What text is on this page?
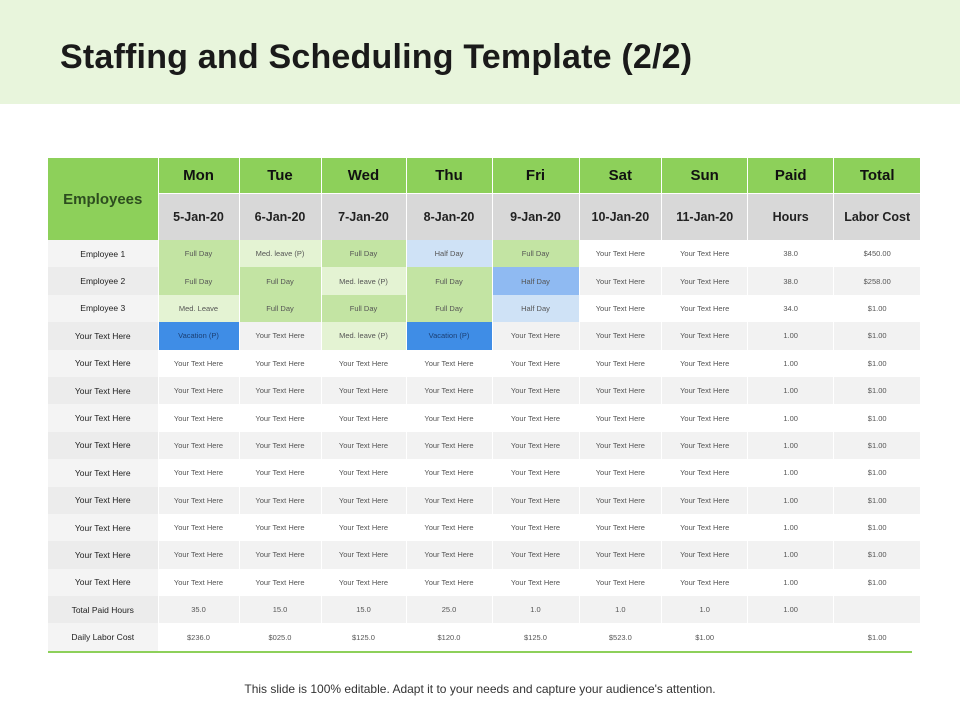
Staffing and Scheduling Template (2/2)
Employees	Mon	Tue	Wed	Thu	Fri	Sat	Sun	Paid	Total
	5-Jan-20	6-Jan-20	7-Jan-20	8-Jan-20	9-Jan-20	10-Jan-20	11-Jan-20	Hours	Labor Cost
Employee 1	Full Day	Med. leave (P)	Full Day	Half Day	Full Day	Your Text Here	Your Text Here	38.0	$450.00
Employee 2	Full Day	Full Day	Med. leave (P)	Full Day	Half Day	Your Text Here	Your Text Here	38.0	$258.00
Employee 3	Med. Leave	Full Day	Full Day	Full Day	Half Day	Your Text Here	Your Text Here	34.0	$1.00
Your Text Here	Vacation (P)	Your Text Here	Med. leave (P)	Vacation (P)	Your Text Here	Your Text Here	Your Text Here	1.00	$1.00
Your Text Here	Your Text Here	Your Text Here	Your Text Here	Your Text Here	Your Text Here	Your Text Here	Your Text Here	1.00	$1.00
Your Text Here	Your Text Here	Your Text Here	Your Text Here	Your Text Here	Your Text Here	Your Text Here	Your Text Here	1.00	$1.00
Your Text Here	Your Text Here	Your Text Here	Your Text Here	Your Text Here	Your Text Here	Your Text Here	Your Text Here	1.00	$1.00
Your Text Here	Your Text Here	Your Text Here	Your Text Here	Your Text Here	Your Text Here	Your Text Here	Your Text Here	1.00	$1.00
Your Text Here	Your Text Here	Your Text Here	Your Text Here	Your Text Here	Your Text Here	Your Text Here	Your Text Here	1.00	$1.00
Your Text Here	Your Text Here	Your Text Here	Your Text Here	Your Text Here	Your Text Here	Your Text Here	Your Text Here	1.00	$1.00
Your Text Here	Your Text Here	Your Text Here	Your Text Here	Your Text Here	Your Text Here	Your Text Here	Your Text Here	1.00	$1.00
Your Text Here	Your Text Here	Your Text Here	Your Text Here	Your Text Here	Your Text Here	Your Text Here	Your Text Here	1.00	$1.00
Your Text Here	Your Text Here	Your Text Here	Your Text Here	Your Text Here	Your Text Here	Your Text Here	Your Text Here	1.00	$1.00
Total Paid Hours	35.0	15.0	15.0	25.0	1.0	1.0	1.0	1.00	
Daily Labor Cost	$236.0	$025.0	$125.0	$120.0	$125.0	$523.0	$1.00		$1.00
This slide is 100% editable. Adapt it to your needs and capture your audience's attention.
